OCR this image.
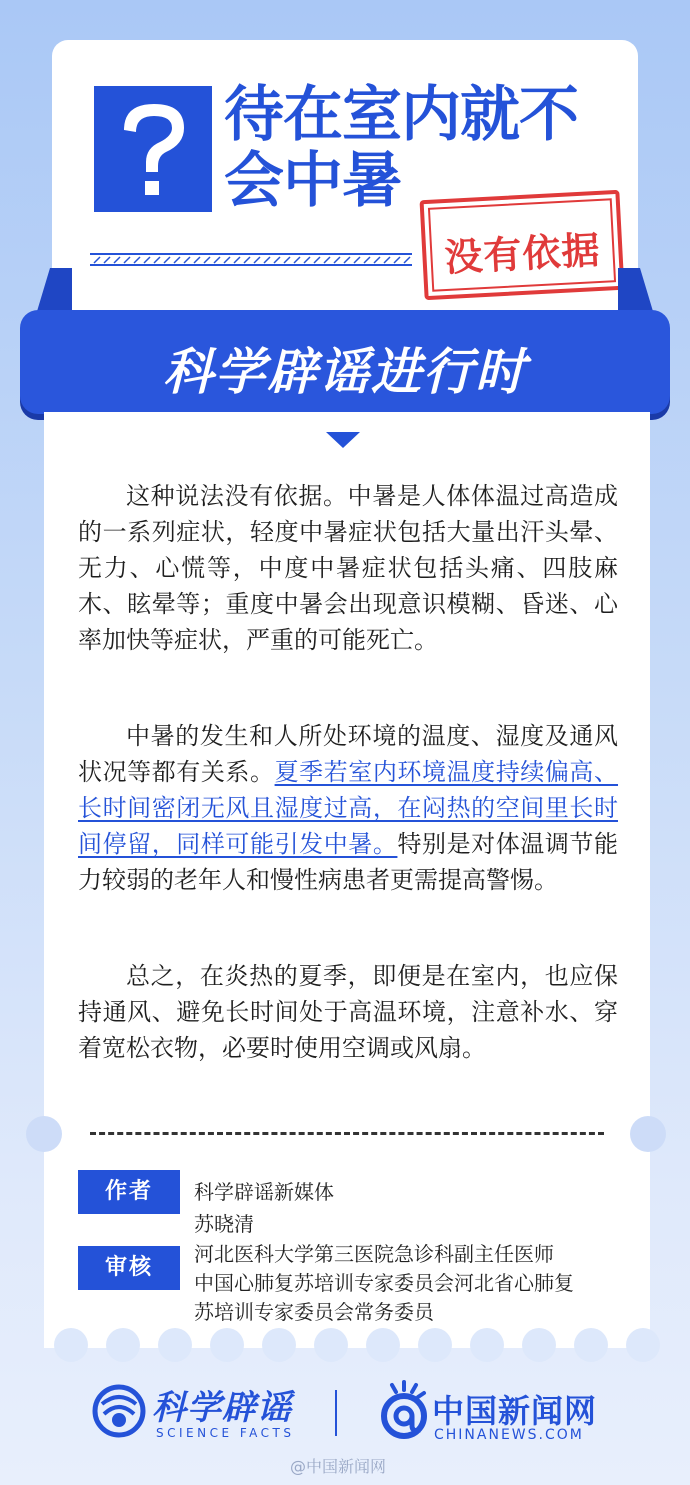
待在室内就不会中暑
没有依据
科学辟谣进行时

这种说法没有依据。中暑是人体体温过高造成的一系列症状，轻度中暑症状包括大量出汗头晕、无力、心慌等，中度中暑症状包括头痛、四肢麻木、眩晕等；重度中暑会出现意识模糊、昏迷、心率加快等症状，严重的可能死亡。

中暑的发生和人所处环境的温度、湿度及通风状况等都有关系。夏季若室内环境温度持续偏高、长时间密闭无风且湿度过高，在闷热的空间里长时间停留，同样可能引发中暑。特别是对体温调节能力较弱的老年人和慢性病患者更需提高警惕。

总之，在炎热的夏季，即便是在室内，也应保持通风、避免长时间处于高温环境，注意补水、穿着宽松衣物，必要时使用空调或风扇。

作者	科学辟谣新媒体
苏晓清
审核
河北医科大学第三医院急诊科副主任医师
中国心肺复苏培训专家委员会河北省心肺复
苏培训专家委员会常务委员
科学辟谣
SCIENCE FACTS
中国新闻网
CHINANEWS.COM
@中国新闻网
